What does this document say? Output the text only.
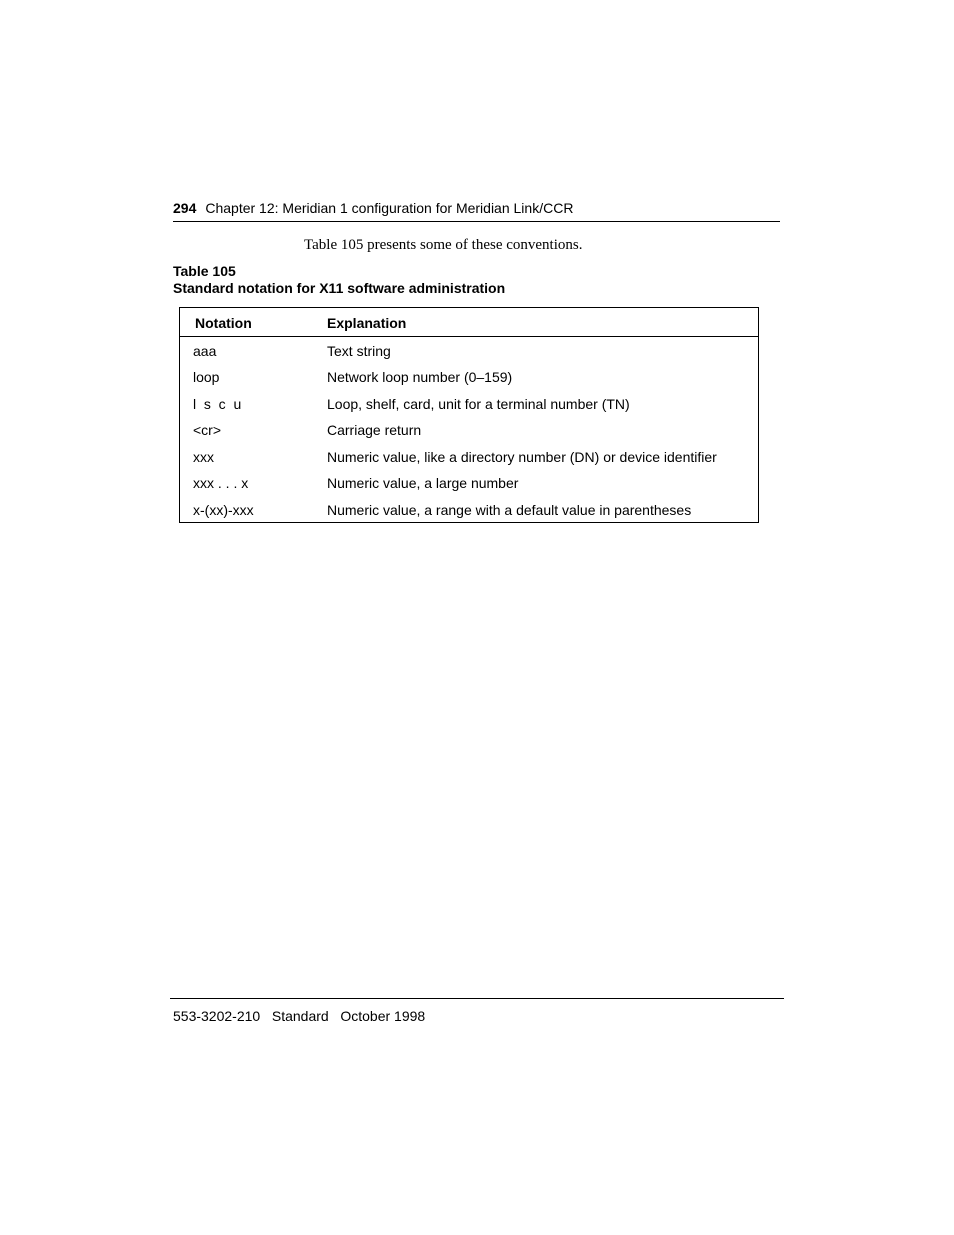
294 Chapter 12: Meridian 1 configuration for Meridian Link/CCR
Table 105 presents some of these conventions.
Table 105
Standard notation for X11 software administration
Notation	Explanation
aaa	Text string
loop	Network loop number (0–159)
l  s  c  u	Loop, shelf, card, unit for a terminal number (TN)
<cr>	Carriage return
xxx	Numeric value, like a directory number (DN) or device identifier
xxx . . . x	Numeric value, a large number
x-(xx)-xxx	Numeric value, a range with a default value in parentheses
553-3202-210 Standard October 1998
